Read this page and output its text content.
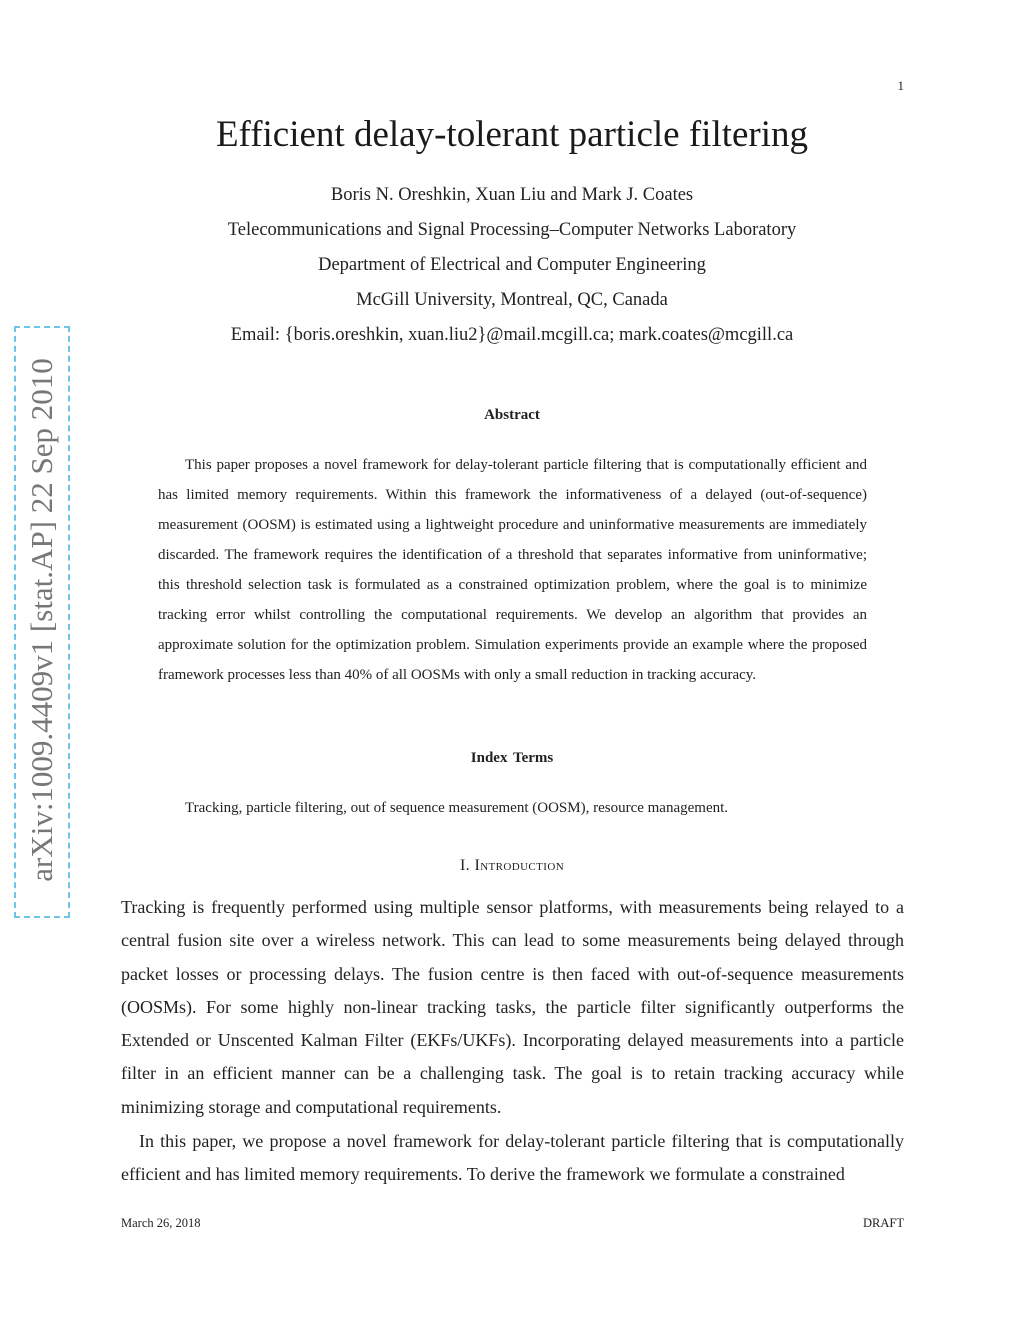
1
arXiv:1009.4409v1 [stat.AP] 22 Sep 2010
Efficient delay-tolerant particle filtering
Boris N. Oreshkin, Xuan Liu and Mark J. Coates
Telecommunications and Signal Processing–Computer Networks Laboratory
Department of Electrical and Computer Engineering
McGill University, Montreal, QC, Canada
Email: {boris.oreshkin, xuan.liu2}@mail.mcgill.ca; mark.coates@mcgill.ca
Abstract

This paper proposes a novel framework for delay-tolerant particle filtering that is computationally efficient and has limited memory requirements. Within this framework the informativeness of a delayed (out-of-sequence) measurement (OOSM) is estimated using a lightweight procedure and uninformative measurements are immediately discarded. The framework requires the identification of a threshold that separates informative from uninformative; this threshold selection task is formulated as a constrained optimization problem, where the goal is to minimize tracking error whilst controlling the computational requirements. We develop an algorithm that provides an approximate solution for the optimization problem. Simulation experiments provide an example where the proposed framework processes less than 40% of all OOSMs with only a small reduction in tracking accuracy.

Index Terms

Tracking, particle filtering, out of sequence measurement (OOSM), resource management.

I. Introduction

Tracking is frequently performed using multiple sensor platforms, with measurements being relayed to a central fusion site over a wireless network. This can lead to some measurements being delayed through packet losses or processing delays. The fusion centre is then faced with out-of-sequence measurements (OOSMs). For some highly non-linear tracking tasks, the particle filter significantly outperforms the Extended or Unscented Kalman Filter (EKFs/UKFs). Incorporating delayed measurements into a particle filter in an efficient manner can be a challenging task. The goal is to retain tracking accuracy while minimizing storage and computational requirements.

In this paper, we propose a novel framework for delay-tolerant particle filtering that is computationally efficient and has limited memory requirements. To derive the framework we formulate a constrained

March 26, 2018	DRAFT
